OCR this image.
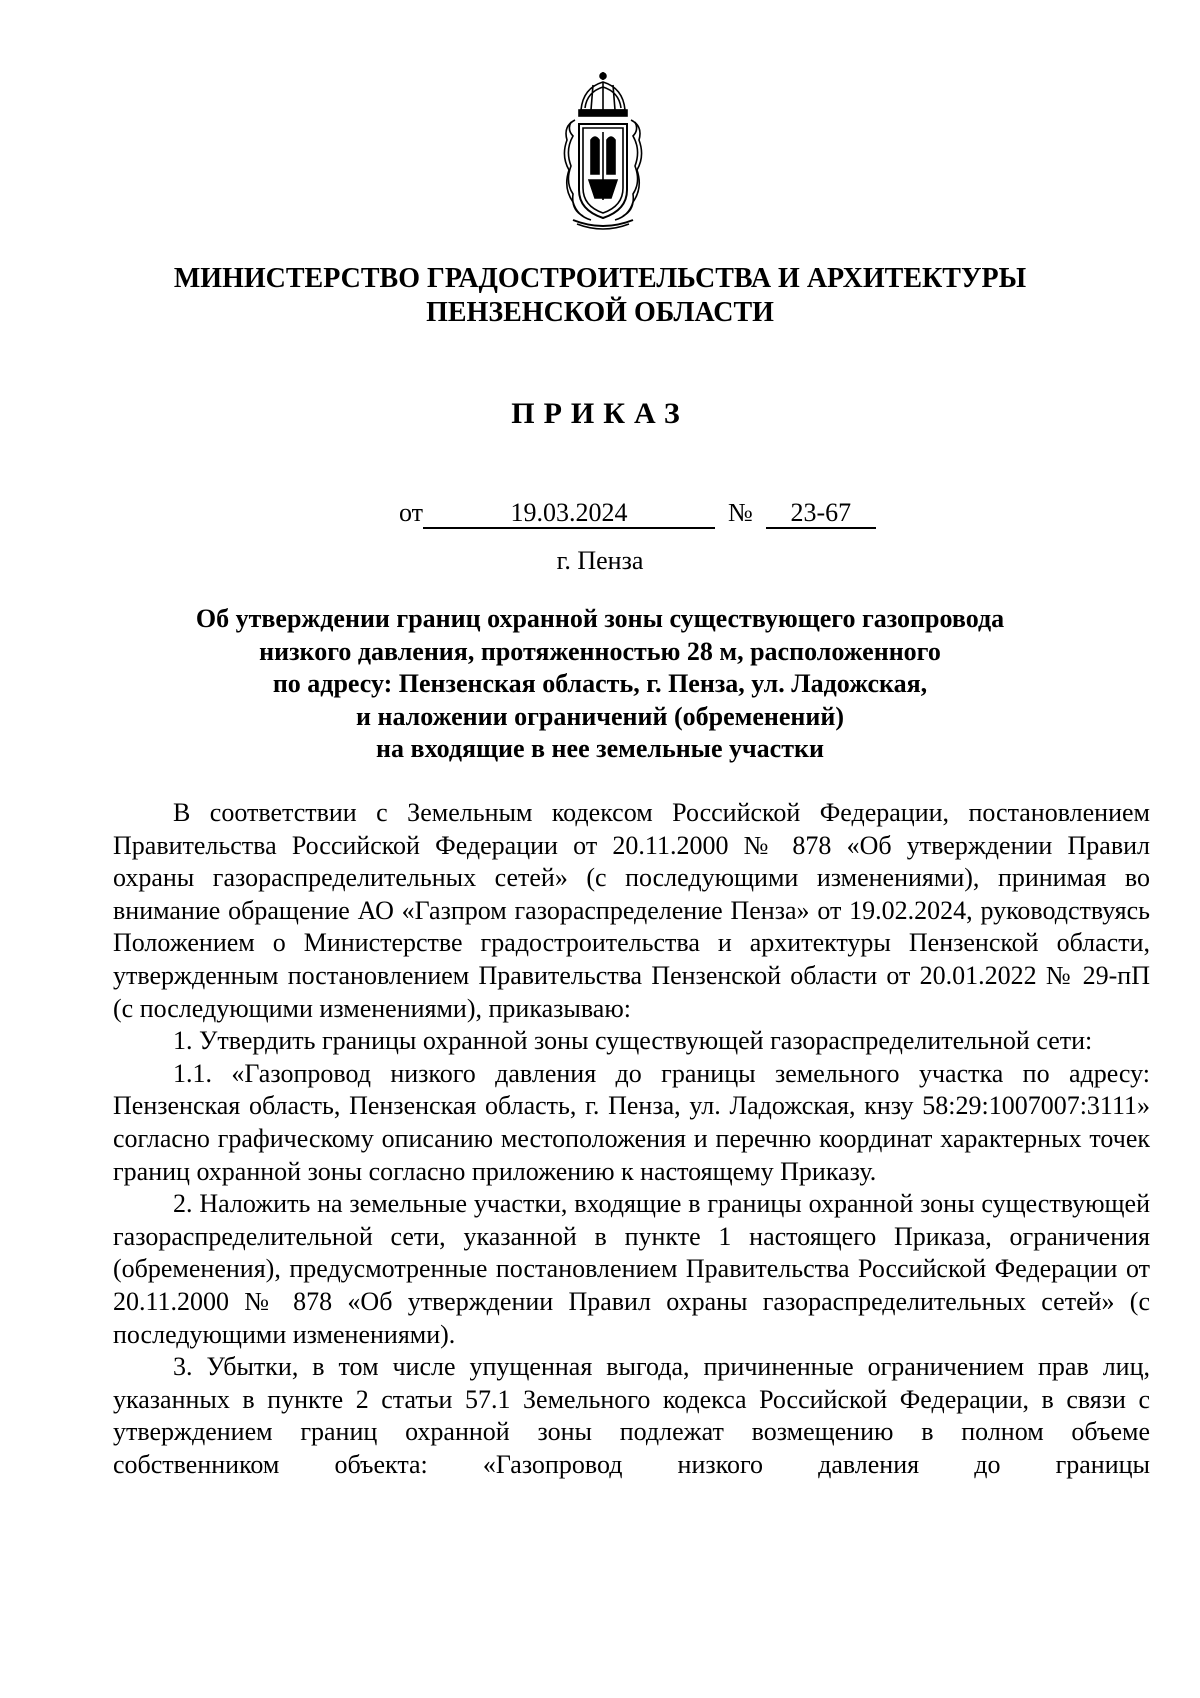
МИНИСТЕРСТВО ГРАДОСТРОИТЕЛЬСТВА И АРХИТЕКТУРЫ
ПЕНЗЕНСКОЙ ОБЛАСТИ
ПРИКАЗ
от	19.03.2024	№ 23-67
г. Пенза
Об утверждении границ охранной зоны существующего газопровода
низкого давления, протяженностью 28 м, расположенного
по адресу: Пензенская область, г. Пенза, ул. Ладожская,
и наложении ограничений (обременений)
на входящие в нее земельные участки

В соответствии с Земельным кодексом Российской Федерации, постановлением Правительства Российской Федерации от 20.11.2000 № 878 «Об утверждении Правил охраны газораспределительных сетей» (с последующими изменениями), принимая во внимание обращение АО «Газпром газораспределение Пенза» от 19.02.2024, руководствуясь Положением о Министерстве градостроительства и архитектуры Пензенской области, утвержденным постановлением Правительства Пензенской области от 20.01.2022 № 29-пП (с последующими изменениями), приказываю:

1. Утвердить границы охранной зоны существующей газораспределительной сети:

1.1. «Газопровод низкого давления до границы земельного участка по адресу: Пензенская область, Пензенская область, г. Пенза, ул. Ладожская, кнзу 58:29:1007007:3111» согласно графическому описанию местоположения и перечню координат характерных точек границ охранной зоны согласно приложению к настоящему Приказу.

2. Наложить на земельные участки, входящие в границы охранной зоны существующей газораспределительной сети, указанной в пункте 1 настоящего Приказа, ограничения (обременения), предусмотренные постановлением Правительства Российской Федерации от 20.11.2000 № 878 «Об утверждении Правил охраны газораспределительных сетей» (с последующими изменениями).

3. Убытки, в том числе упущенная выгода, причиненные ограничением прав лиц, указанных в пункте 2 статьи 57.1 Земельного кодекса Российской Федерации, в связи с утверждением границ охранной зоны подлежат возмещению в полном объеме собственником объекта: «Газопровод низкого давления до границы
